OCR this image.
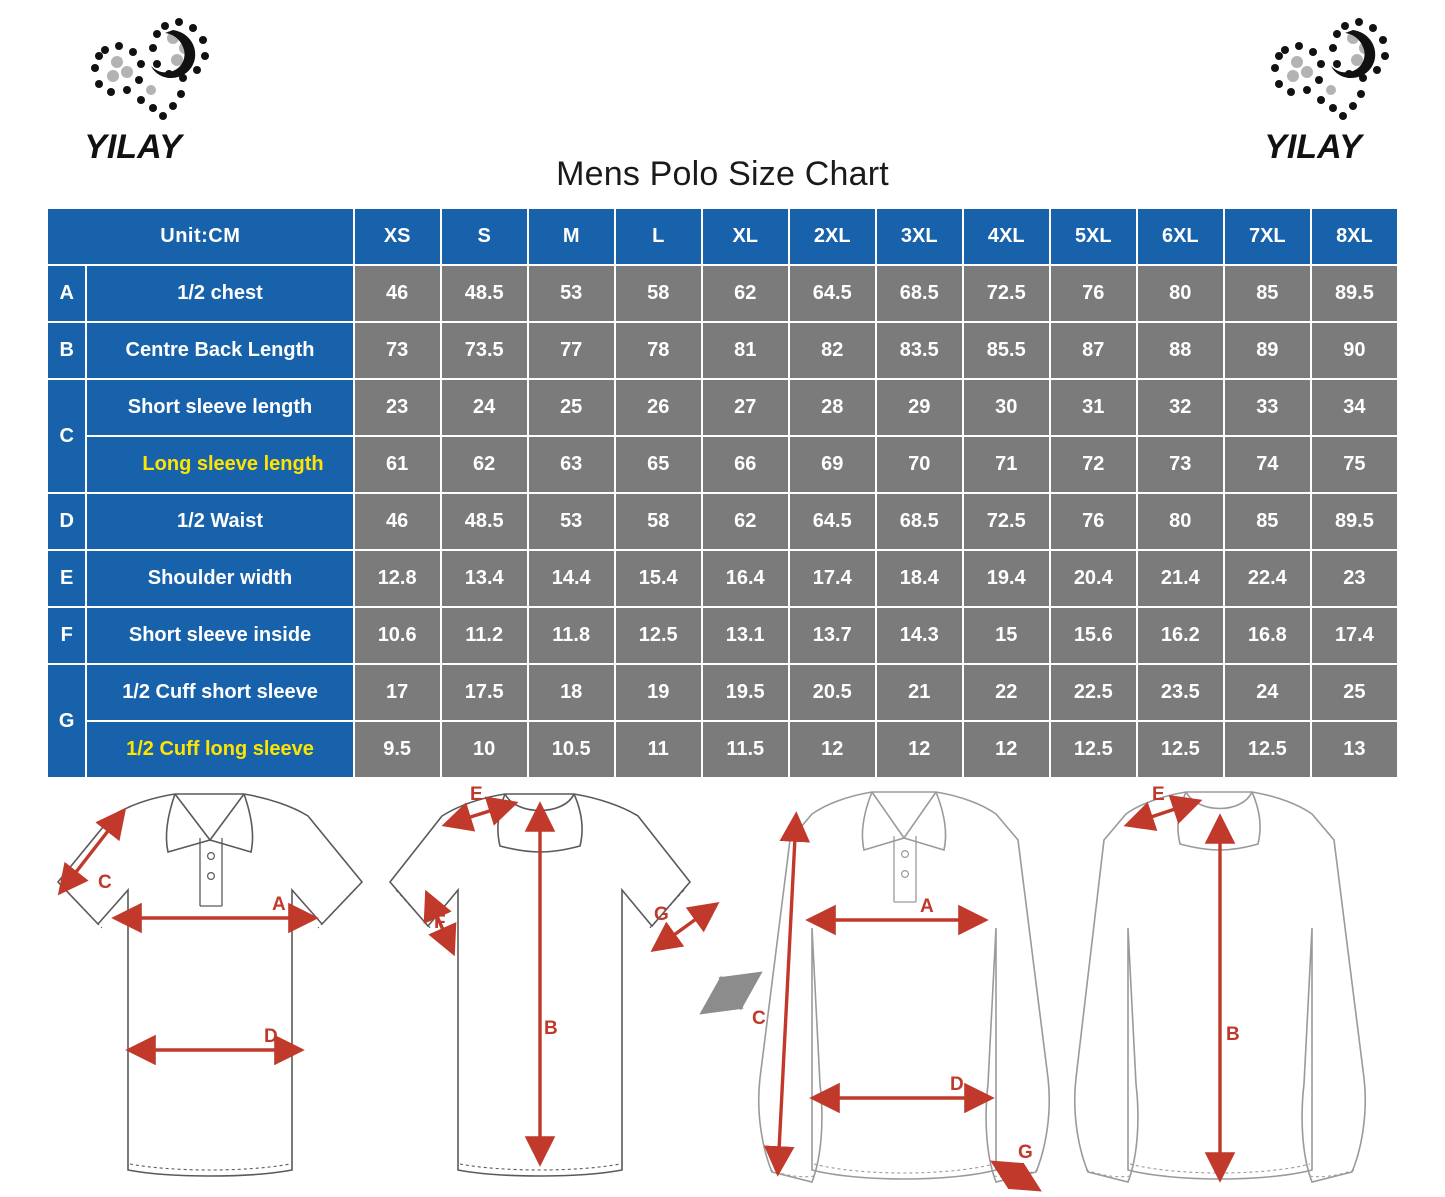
YILAY	YILAY
Mens Polo Size Chart
Unit:CM		XS	S	M	L	XL	2XL	3XL	4XL	5XL	6XL	7XL	8XL
A	1/2 chest	46	48.5	53	58	62	64.5	68.5	72.5	76	80	85	89.5
B	Centre Back Length	73	73.5	77	78	81	82	83.5	85.5	87	88	89	90
C	Short sleeve length	23	24	25	26	27	28	29	30	31	32	33	34
	Long sleeve length	61	62	63	65	66	69	70	71	72	73	74	75
D	1/2 Waist	46	48.5	53	58	62	64.5	68.5	72.5	76	80	85	89.5
E	Shoulder width	12.8	13.4	14.4	15.4	16.4	17.4	18.4	19.4	20.4	21.4	22.4	23
F	Short sleeve inside	10.6	11.2	11.8	12.5	13.1	13.7	14.3	15	15.6	16.2	16.8	17.4
G	1/2 Cuff short sleeve	17	17.5	18	19	19.5	20.5	21	22	22.5	23.5	24	25
	1/2 Cuff long sleeve	9.5	10	10.5	11	11.5	12	12	12	12.5	12.5	12.5	13
C
A
D
E
B
F	G
C
A
D
G
E
B
